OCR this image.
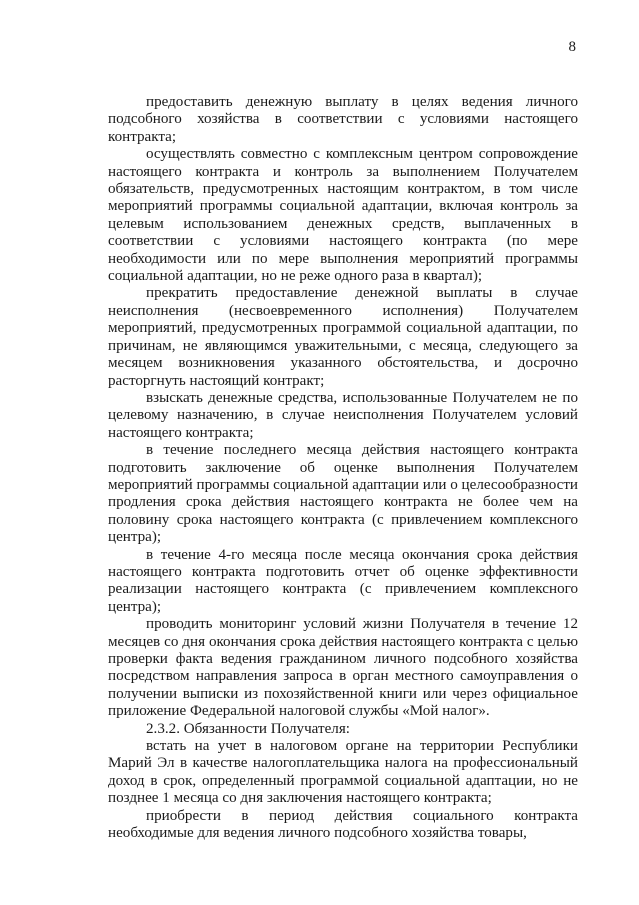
8

предоставить денежную выплату в целях ведения личного подсобного хозяйства в соответствии с условиями настоящего контракта;

осуществлять совместно с комплексным центром сопровождение настоящего контракта и контроль за выполнением Получателем обязательств, предусмотренных настоящим контрактом, в том числе мероприятий программы социальной адаптации, включая контроль за целевым использованием денежных средств, выплаченных в соответствии с условиями настоящего контракта (по мере необходимости или по мере выполнения мероприятий программы социальной адаптации, но не реже одного раза в квартал);

прекратить предоставление денежной выплаты в случае неисполнения (несвоевременного исполнения) Получателем мероприятий, предусмотренных программой социальной адаптации, по причинам, не являющимся уважительными, с месяца, следующего за месяцем возникновения указанного обстоятельства, и досрочно расторгнуть настоящий контракт;

взыскать денежные средства, использованные Получателем не по целевому назначению, в случае неисполнения Получателем условий настоящего контракта;

в течение последнего месяца действия настоящего контракта подготовить заключение об оценке выполнения Получателем мероприятий программы социальной адаптации или о целесообразности продления срока действия настоящего контракта не более чем на половину срока настоящего контракта (с привлечением комплексного центра);

в течение 4-го месяца после месяца окончания срока действия настоящего контракта подготовить отчет об оценке эффективности реализации настоящего контракта (с привлечением комплексного центра);

проводить мониторинг условий жизни Получателя в течение 12 месяцев со дня окончания срока действия настоящего контракта с целью проверки факта ведения гражданином личного подсобного хозяйства посредством направления запроса в орган местного самоуправления о получении выписки из похозяйственной книги или через официальное приложение Федеральной налоговой службы «Мой налог».

2.3.2. Обязанности Получателя:

встать на учет в налоговом органе на территории Республики Марий Эл в качестве налогоплательщика налога на профессиональный доход в срок, определенный программой социальной адаптации, но не позднее 1 месяца со дня заключения настоящего контракта;

приобрести в период действия социального контракта необходимые для ведения личного подсобного хозяйства товары,
